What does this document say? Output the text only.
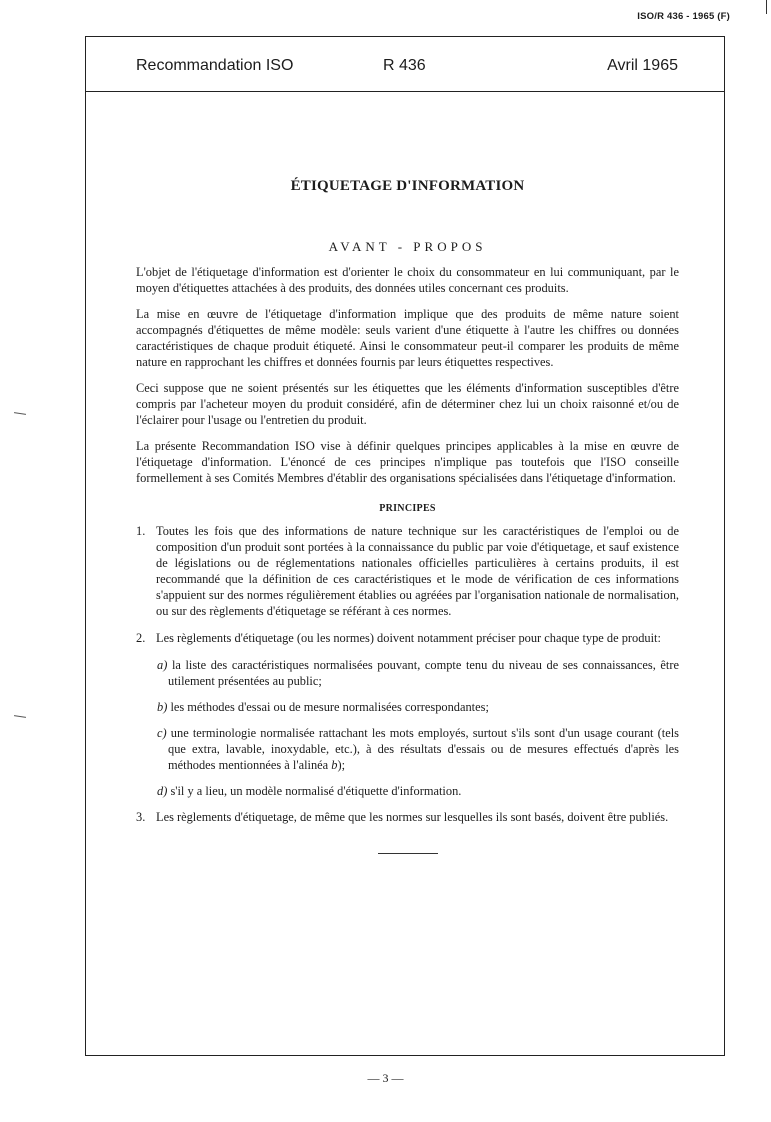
ISO/R 436 - 1965 (F)
Recommandation ISO	R 436	Avril 1965
ÉTIQUETAGE D'INFORMATION
AVANT - PROPOS

L'objet de l'étiquetage d'information est d'orienter le choix du consommateur en lui communiquant, par le moyen d'étiquettes attachées à des produits, des données utiles concernant ces produits.

La mise en œuvre de l'étiquetage d'information implique que des produits de même nature soient accompagnés d'étiquettes de même modèle: seuls varient d'une étiquette à l'autre les chiffres ou données caractéristiques de chaque produit étiqueté. Ainsi le consommateur peut-il comparer les produits de même nature en rapprochant les chiffres et données fournis par leurs étiquettes respectives.

Ceci suppose que ne soient présentés sur les étiquettes que les éléments d'information susceptibles d'être compris par l'acheteur moyen du produit considéré, afin de déterminer chez lui un choix raisonné et/ou de l'éclairer pour l'usage ou l'entretien du produit.

La présente Recommandation ISO vise à définir quelques principes applicables à la mise en œuvre de l'étiquetage d'information. L'énoncé de ces principes n'implique pas toutefois que l'ISO conseille formellement à ses Comités Membres d'établir des organisations spécialisées dans l'étiquetage d'information.

PRINCIPES
1. Toutes les fois que des informations de nature technique sur les caractéristiques de l'emploi ou de composition d'un produit sont portées à la connaissance du public par voie d'étiquetage, et sauf existence de législations ou de réglementations nationales officielles particulières à certains produits, il est recommandé que la définition de ces caractéristiques et le mode de vérification de ces informations s'appuient sur des normes régulièrement établies ou agréées par l'organisation nationale de normalisation, ou sur des règlements d'étiquetage se référant à ces normes.
2. Les règlements d'étiquetage (ou les normes) doivent notamment préciser pour chaque type de produit:

a) la liste des caractéristiques normalisées pouvant, compte tenu du niveau de ses connaissances, être utilement présentées au public;

b) les méthodes d'essai ou de mesure normalisées correspondantes;

c) une terminologie normalisée rattachant les mots employés, surtout s'ils sont d'un usage courant (tels que extra, lavable, inoxydable, etc.), à des résultats d'essais ou de mesures effectués d'après les méthodes mentionnées à l'alinéa b);

d) s'il y a lieu, un modèle normalisé d'étiquette d'information.

3. Les règlements d'étiquetage, de même que les normes sur lesquelles ils sont basés, doivent être publiés.
— 3 —
